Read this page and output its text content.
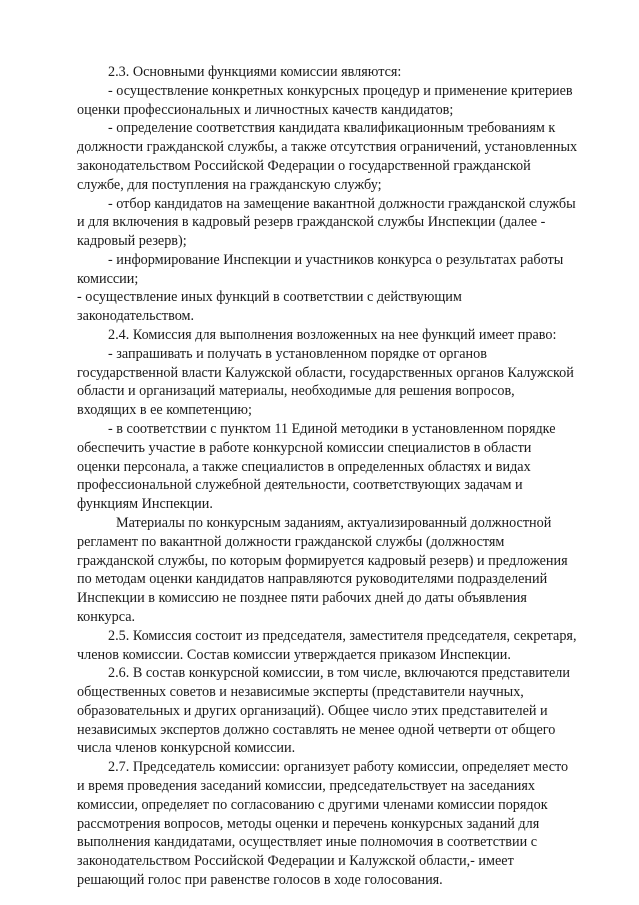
2.3. Основными функциями комиссии являются:
- осуществление конкретных конкурсных процедур и применение критериев
оценки профессиональных и личностных качеств кандидатов;
- определение соответствия кандидата квалификационным требованиям к
должности гражданской службы, а также отсутствия ограничений, установленных
законодательством Российской Федерации о государственной гражданской
службе, для поступления на гражданскую службу;
- отбор кандидатов на замещение вакантной должности гражданской службы
и для включения в кадровый резерв гражданской службы Инспекции (далее -
кадровый резерв);
- информирование Инспекции и участников конкурса о результатах работы
комиссии;
- осуществление иных функций в соответствии с действующим
законодательством.
2.4. Комиссия для выполнения возложенных на нее функций имеет право:
- запрашивать и получать в установленном порядке от органов
государственной власти Калужской области, государственных органов Калужской
области и организаций материалы, необходимые для решения вопросов,
входящих в ее компетенцию;
- в соответствии с пунктом 11 Единой методики в установленном порядке
обеспечить участие в работе конкурсной комиссии специалистов в области
оценки персонала, а также специалистов в определенных областях и видах
профессиональной служебной деятельности, соответствующих задачам и
функциям Инспекции.
Материалы по конкурсным заданиям, актуализированный должностной
регламент по вакантной должности гражданской службы (должностям
гражданской службы, по которым формируется кадровый резерв) и предложения
по методам оценки кандидатов направляются руководителями подразделений
Инспекции в комиссию не позднее пяти рабочих дней до даты объявления
конкурса.
2.5. Комиссия состоит из председателя, заместителя председателя, секретаря,
членов комиссии. Состав комиссии утверждается приказом Инспекции.
2.6. В состав конкурсной комиссии, в том числе, включаются представители
общественных советов и независимые эксперты (представители научных,
образовательных и других организаций). Общее число этих представителей и
независимых экспертов должно составлять не менее одной четверти от общего
числа членов конкурсной комиссии.
2.7. Председатель комиссии: организует работу комиссии, определяет место
и время проведения заседаний комиссии, председательствует на заседаниях
комиссии, определяет по согласованию с другими членами комиссии порядок
рассмотрения вопросов, методы оценки и перечень конкурсных заданий для
выполнения кандидатами, осуществляет иные полномочия в соответствии с
законодательством Российской Федерации и Калужской области,- имеет
решающий голос при равенстве голосов в ходе голосования.
